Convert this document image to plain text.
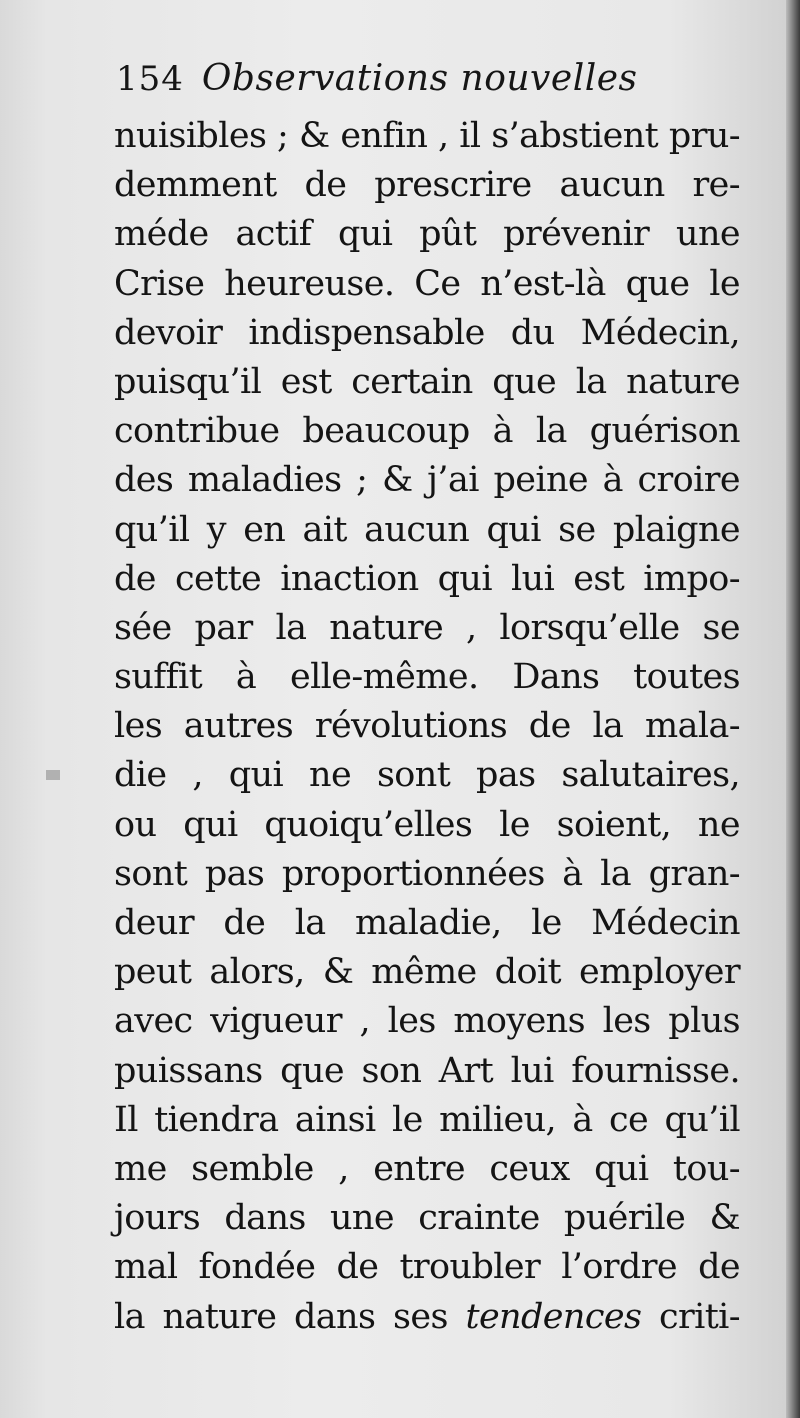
154 Observations nouvelles
nuisibles ; & enfin , il s’abstient pru-
demment de prescrire aucun re-
méde actif qui pût prévenir une
Crise heureuse. Ce n’est-là que le
devoir indispensable du Médecin,
puisqu’il est certain que la nature
contribue beaucoup à la guérison
des maladies ; & j’ai peine à croire
qu’il y en ait aucun qui se plaigne
de cette inaction qui lui est impo-
sée par la nature , lorsqu’elle se
suffit à elle-même. Dans toutes
les autres révolutions de la mala-
die , qui ne sont pas salutaires,
ou qui quoiqu’elles le soient, ne
sont pas proportionnées à la gran-
deur de la maladie, le Médecin
peut alors, & même doit employer
avec vigueur , les moyens les plus
puissans que son Art lui fournisse.
Il tiendra ainsi le milieu, à ce qu’il
me semble , entre ceux qui tou-
jours dans une crainte puérile &
mal fondée de troubler l’ordre de
la nature dans ses tendences criti-
